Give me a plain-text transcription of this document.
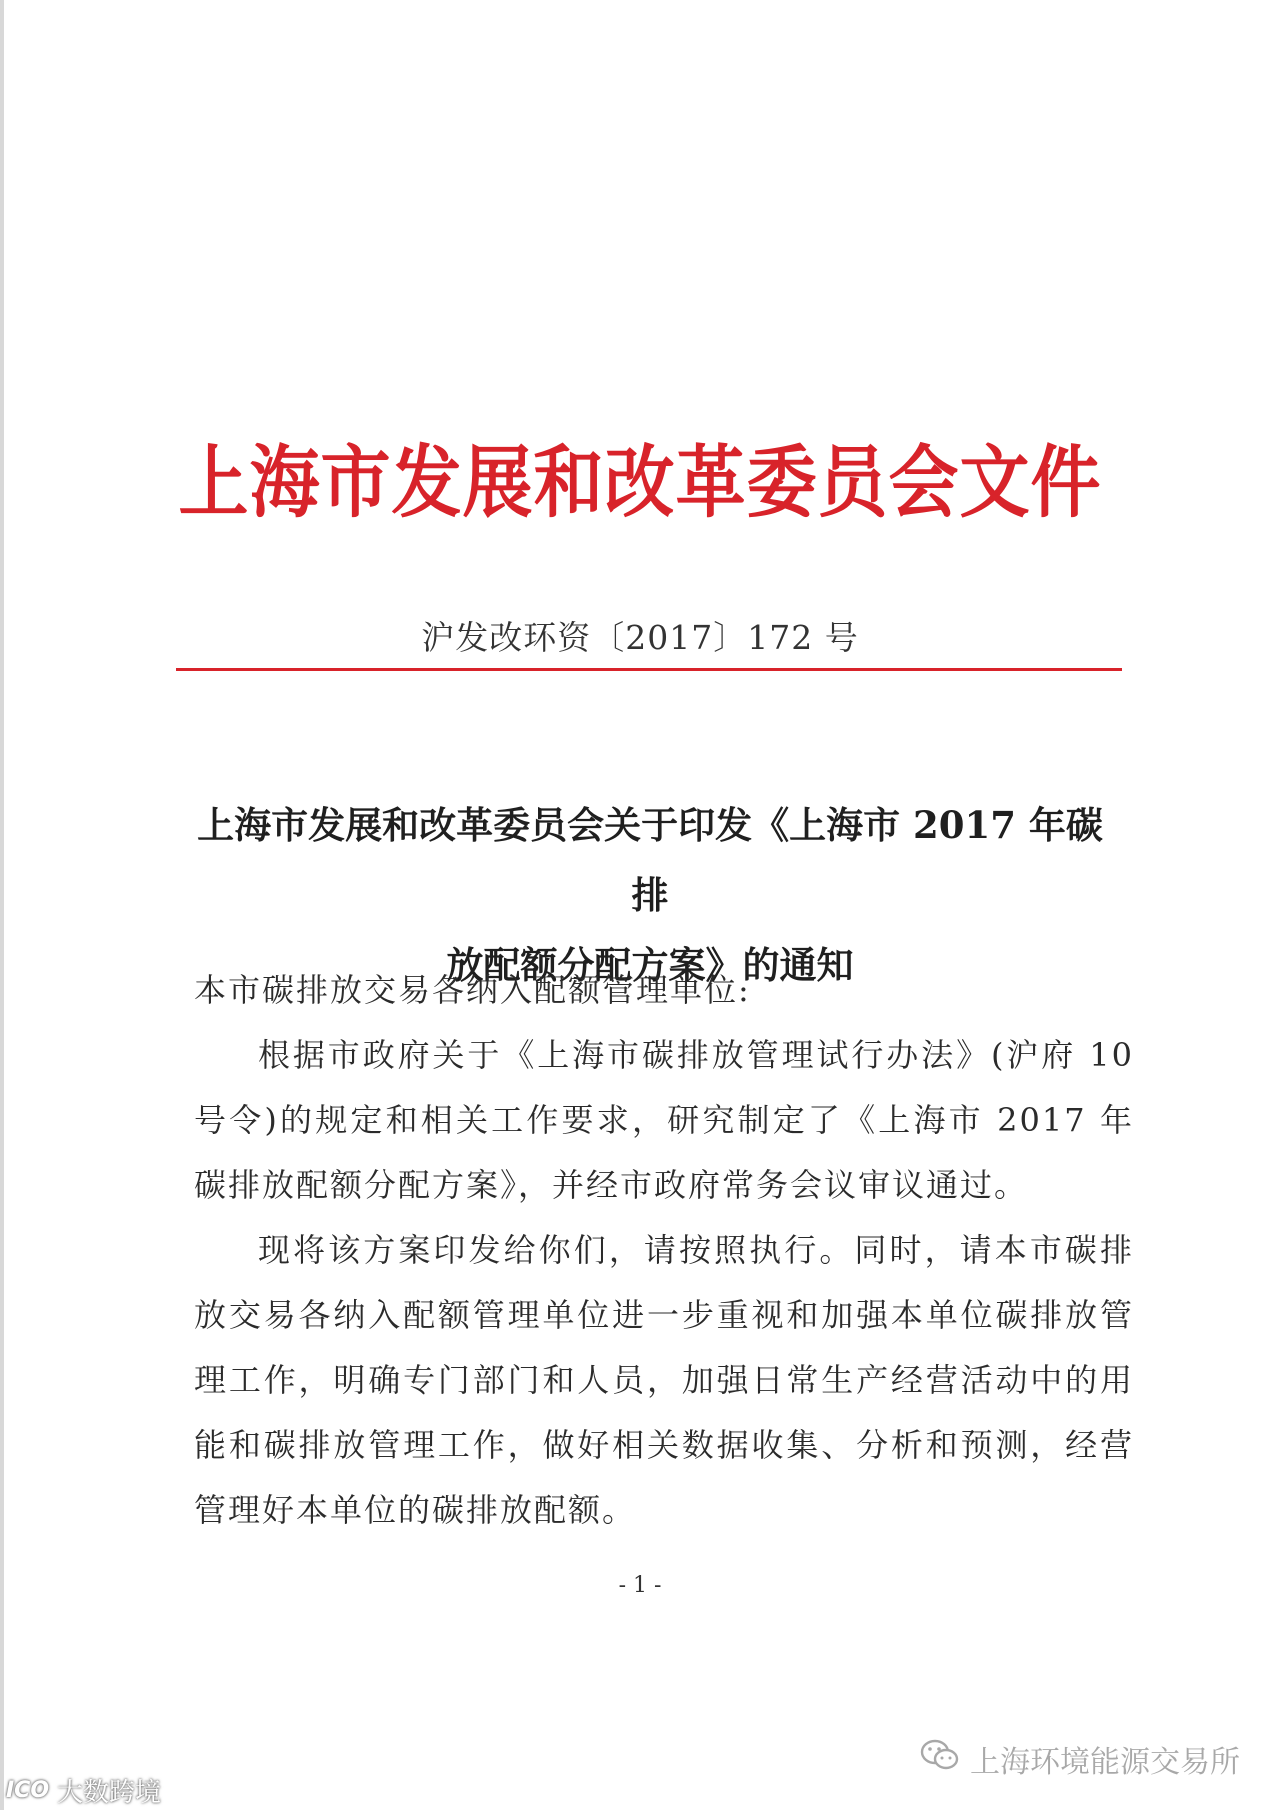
上海市发展和改革委员会文件
沪发改环资〔2017〕172 号
上海市发展和改革委员会关于印发《上海市 2017 年碳排
放配额分配方案》的通知

本市碳排放交易各纳入配额管理单位:

根据市政府关于《上海市碳排放管理试行办法》(沪府 10 号令)的规定和相关工作要求，研究制定了《上海市 2017 年碳排放配额分配方案》，并经市政府常务会议审议通过。

现将该方案印发给你们，请按照执行。同时，请本市碳排放交易各纳入配额管理单位进一步重视和加强本单位碳排放管理工作，明确专门部门和人员，加强日常生产经营活动中的用能和碳排放管理工作，做好相关数据收集、分析和预测，经营管理好本单位的碳排放配额。

- 1 -
上海环境能源交易所
ICO 大数跨境
